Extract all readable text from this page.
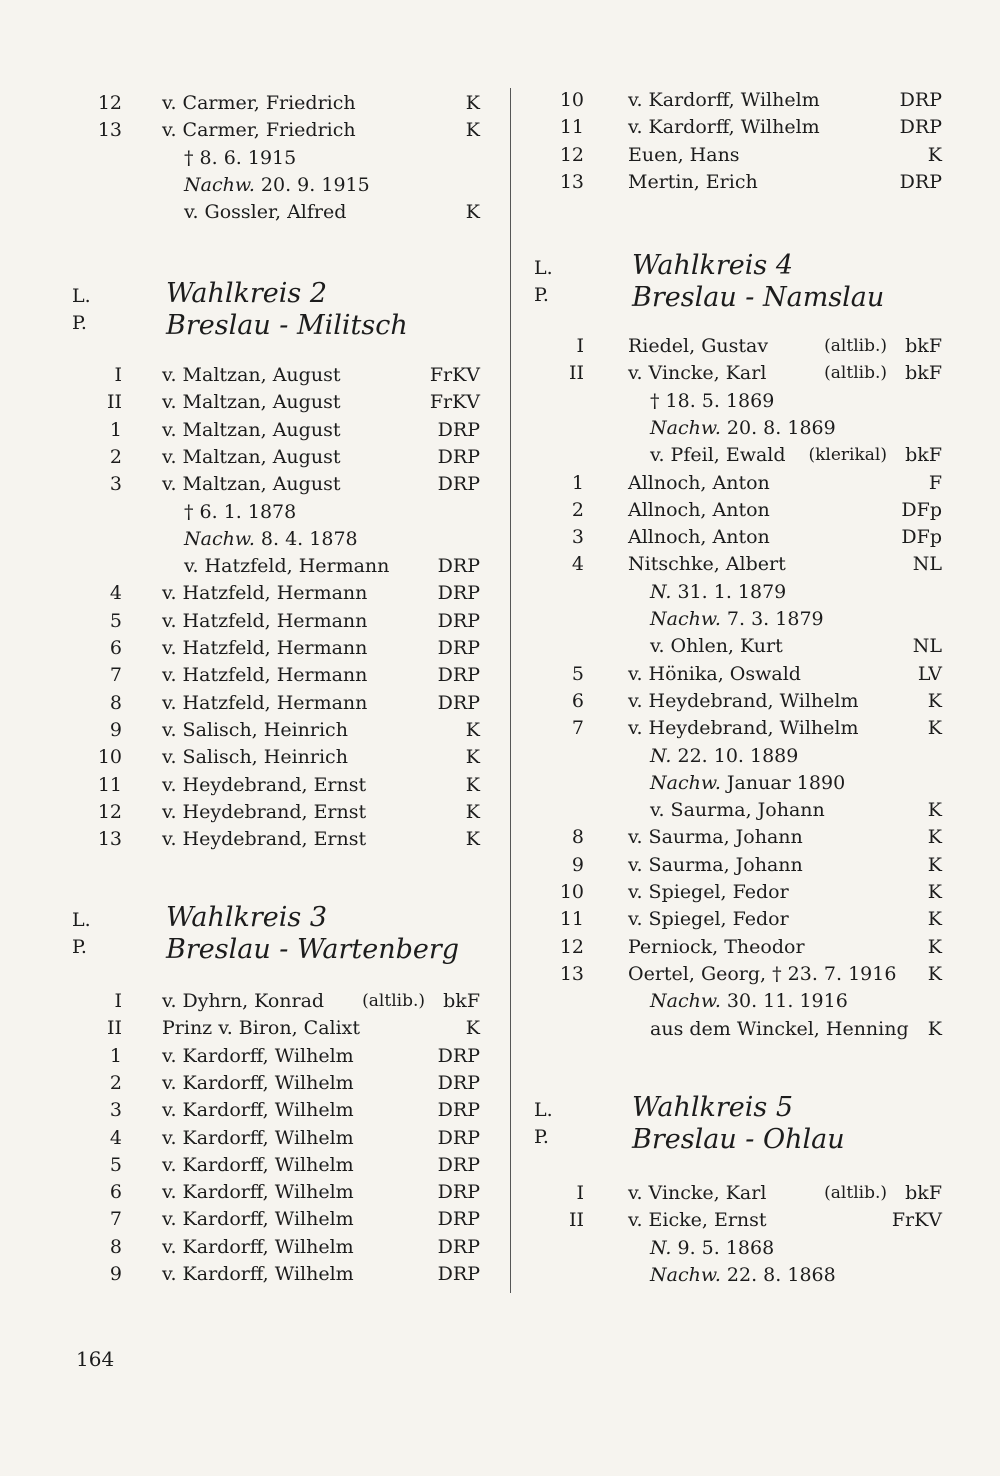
12 v. Carmer, Friedrich	K
13 v. Carmer, Friedrich	K
† 8. 6. 1915
Nachw. 20. 9. 1915
v. Gossler, Alfred	K
L. P.
Wahlkreis 2
Breslau - Militsch
I v. Maltzan, August	FrKV
II v. Maltzan, August	FrKV
1 v. Maltzan, August	DRP
2 v. Maltzan, August	DRP
3 v. Maltzan, August	DRP
† 6. 1. 1878
Nachw. 8. 4. 1878
v. Hatzfeld, Hermann	DRP
4 v. Hatzfeld, Hermann	DRP
5 v. Hatzfeld, Hermann	DRP
6 v. Hatzfeld, Hermann	DRP
7 v. Hatzfeld, Hermann	DRP
8 v. Hatzfeld, Hermann	DRP
9 v. Salisch, Heinrich	K
10 v. Salisch, Heinrich	K
11 v. Heydebrand, Ernst	K
12 v. Heydebrand, Ernst	K
13 v. Heydebrand, Ernst	K
L. P.
Wahlkreis 3
Breslau - Wartenberg
I v. Dyhrn, Konrad	(altlib.) bkF
II Prinz v. Biron, Calixt	K
1 v. Kardorff, Wilhelm	DRP
2 v. Kardorff, Wilhelm	DRP
3 v. Kardorff, Wilhelm	DRP
4 v. Kardorff, Wilhelm	DRP
5 v. Kardorff, Wilhelm	DRP
6 v. Kardorff, Wilhelm	DRP
7 v. Kardorff, Wilhelm	DRP
8 v. Kardorff, Wilhelm	DRP
9 v. Kardorff, Wilhelm	DRP
10 v. Kardorff, Wilhelm	DRP
11 v. Kardorff, Wilhelm	DRP
12 Euen, Hans	K
13 Mertin, Erich	DRP
L. P.
Wahlkreis 4
Breslau - Namslau
I Riedel, Gustav	(altlib.) bkF
II v. Vincke, Karl	(altlib.) bkF
† 18. 5. 1869
Nachw. 20. 8. 1869
v. Pfeil, Ewald	(klerikal) bkF
1 Allnoch, Anton	F
2 Allnoch, Anton	DFp
3 Allnoch, Anton	DFp
4 Nitschke, Albert	NL
N. 31. 1. 1879
Nachw. 7. 3. 1879
v. Ohlen, Kurt	NL
5 v. Hönika, Oswald	LV
6 v. Heydebrand, Wilhelm	K
7 v. Heydebrand, Wilhelm	K
N. 22. 10. 1889
Nachw. Januar 1890
v. Saurma, Johann	K
8 v. Saurma, Johann	K
9 v. Saurma, Johann	K
10 v. Spiegel, Fedor	K
11 v. Spiegel, Fedor	K
12 Perniock, Theodor	K
13 Oertel, Georg, † 23. 7. 1916	K
Nachw. 30. 11. 1916
aus dem Winckel, Henning	K
L. P.
Wahlkreis 5
Breslau - Ohlau
I v. Vincke, Karl	(altlib.) bkF
II v. Eicke, Ernst	FrKV
N. 9. 5. 1868
Nachw. 22. 8. 1868
164
